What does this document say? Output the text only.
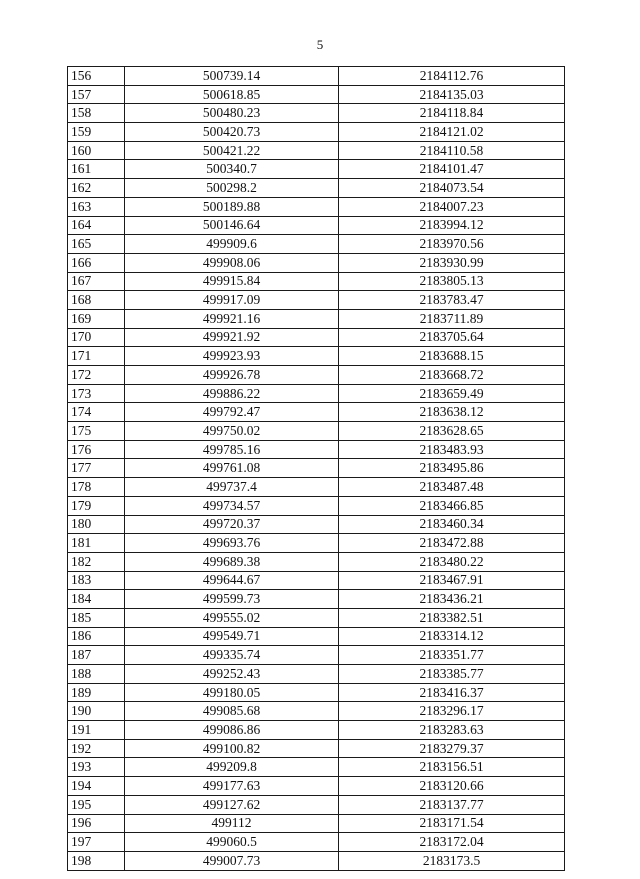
5
156	500739.14	2184112.76
157	500618.85	2184135.03
158	500480.23	2184118.84
159	500420.73	2184121.02
160	500421.22	2184110.58
161	500340.7	2184101.47
162	500298.2	2184073.54
163	500189.88	2184007.23
164	500146.64	2183994.12
165	499909.6	2183970.56
166	499908.06	2183930.99
167	499915.84	2183805.13
168	499917.09	2183783.47
169	499921.16	2183711.89
170	499921.92	2183705.64
171	499923.93	2183688.15
172	499926.78	2183668.72
173	499886.22	2183659.49
174	499792.47	2183638.12
175	499750.02	2183628.65
176	499785.16	2183483.93
177	499761.08	2183495.86
178	499737.4	2183487.48
179	499734.57	2183466.85
180	499720.37	2183460.34
181	499693.76	2183472.88
182	499689.38	2183480.22
183	499644.67	2183467.91
184	499599.73	2183436.21
185	499555.02	2183382.51
186	499549.71	2183314.12
187	499335.74	2183351.77
188	499252.43	2183385.77
189	499180.05	2183416.37
190	499085.68	2183296.17
191	499086.86	2183283.63
192	499100.82	2183279.37
193	499209.8	2183156.51
194	499177.63	2183120.66
195	499127.62	2183137.77
196	499112	2183171.54
197	499060.5	2183172.04
198	499007.73	2183173.5
